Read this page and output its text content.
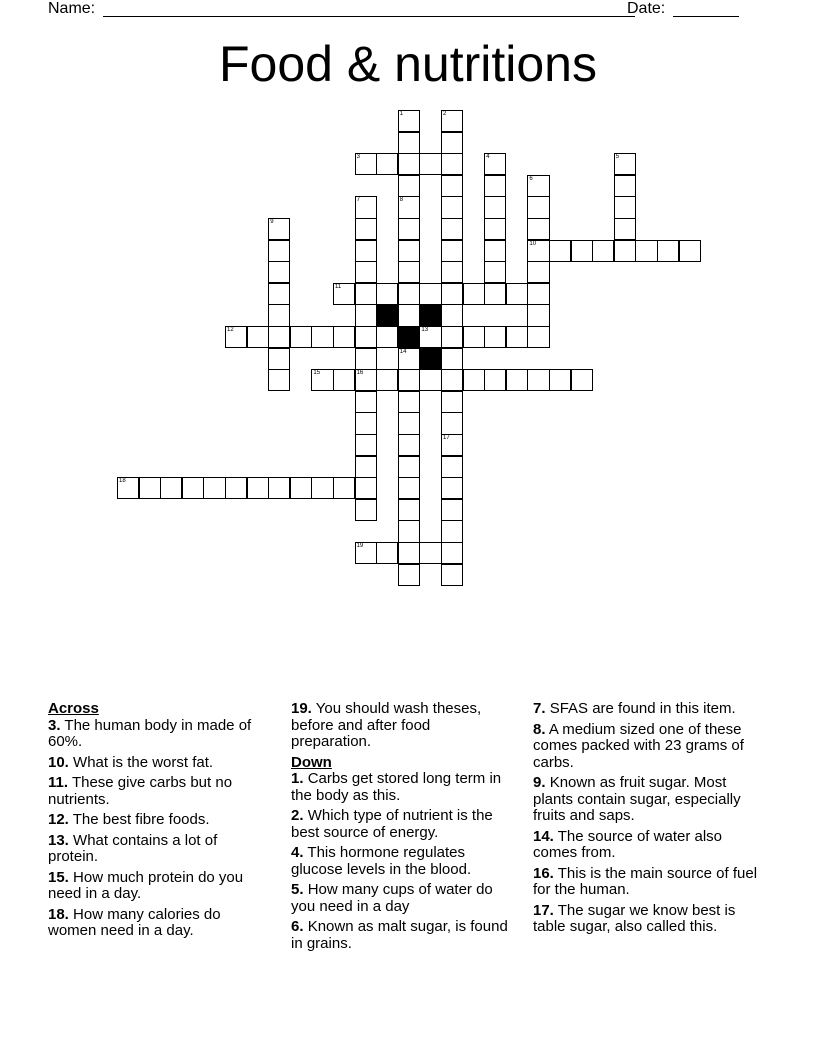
Name:	Date:
Food & nutritions
1
8
2
17
3	4	5
6
10
7
16
14
9
11
12	13
15
18
19
Across
3. The human body in made of 60%.
10. What is the worst fat.
11. These give carbs but no nutrients.
12. The best fibre foods.
13. What contains a lot of protein.
15. How much protein do you need in a day.
18. How many calories do women need in a day.
19. You should wash theses, before and after food preparation.
Down
1. Carbs get stored long term in the body as this.
2. Which type of nutrient is the best source of energy.
4. This hormone regulates glucose levels in the blood.
5. How many cups of water do you need in a day
6. Known as malt sugar, is found in grains.
7. SFAS are found in this item.
8. A medium sized one of these comes packed with 23 grams of carbs.
9. Known as fruit sugar. Most plants contain sugar, especially fruits and saps.
14. The source of water also comes from.
16. This is the main source of fuel for the human.
17. The sugar we know best is table sugar, also called this.
